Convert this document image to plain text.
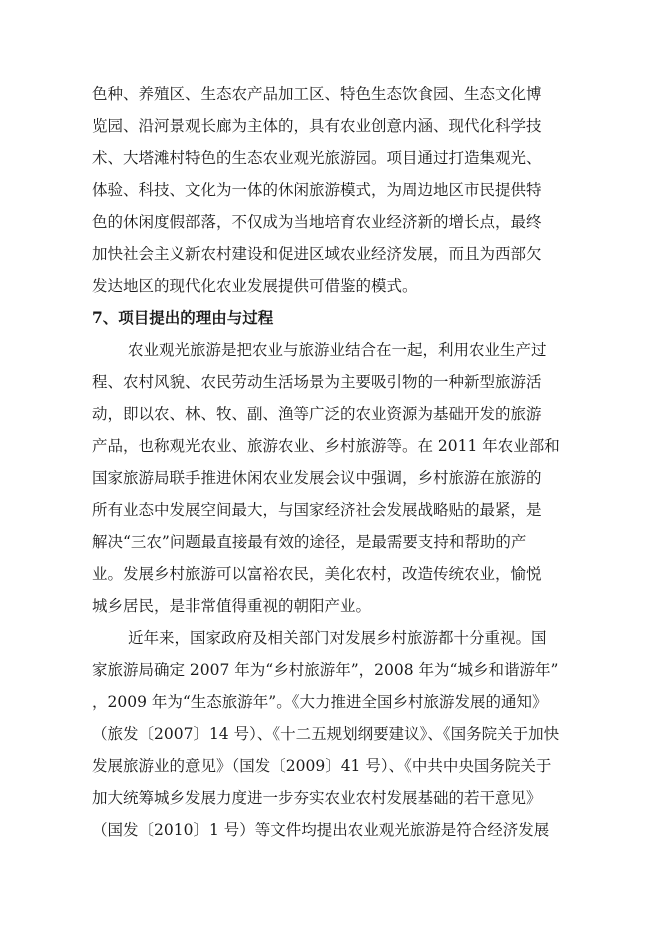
色种、养殖区、生态农产品加工区、特色生态饮食园、生态文化博
览园、沿河景观长廊为主体的，具有农业创意内涵、现代化科学技
术、大塔滩村特色的生态农业观光旅游园。项目通过打造集观光、
体验、科技、文化为一体的休闲旅游模式，为周边地区市民提供特
色的休闲度假部落，不仅成为当地培育农业经济新的增长点，最终
加快社会主义新农村建设和促进区域农业经济发展，而且为西部欠
发达地区的现代化农业发展提供可借鉴的模式。
7、项目提出的理由与过程
农业观光旅游是把农业与旅游业结合在一起，利用农业生产过
程、农村风貌、农民劳动生活场景为主要吸引物的一种新型旅游活
动，即以农、林、牧、副、渔等广泛的农业资源为基础开发的旅游
产品，也称观光农业、旅游农业、乡村旅游等。在 2011 年农业部和
国家旅游局联手推进休闲农业发展会议中强调，乡村旅游在旅游的
所有业态中发展空间最大，与国家经济社会发展战略贴的最紧，是
解决“三农”问题最直接最有效的途径，是最需要支持和帮助的产
业。发展乡村旅游可以富裕农民，美化农村，改造传统农业，愉悦
城乡居民，是非常值得重视的朝阳产业。
近年来，国家政府及相关部门对发展乡村旅游都十分重视。国
家旅游局确定 2007 年为“乡村旅游年”，2008 年为“城乡和谐游年”
，2009 年为“生态旅游年”。《大力推进全国乡村旅游发展的通知》
（旅发〔2007〕14 号）、《十二五规划纲要建议》、《国务院关于加快
发展旅游业的意见》（国发〔2009〕41 号）、《中共中央国务院关于
加大统筹城乡发展力度进一步夯实农业农村发展基础的若干意见》
（国发〔2010〕1 号）等文件均提出农业观光旅游是符合经济发展
